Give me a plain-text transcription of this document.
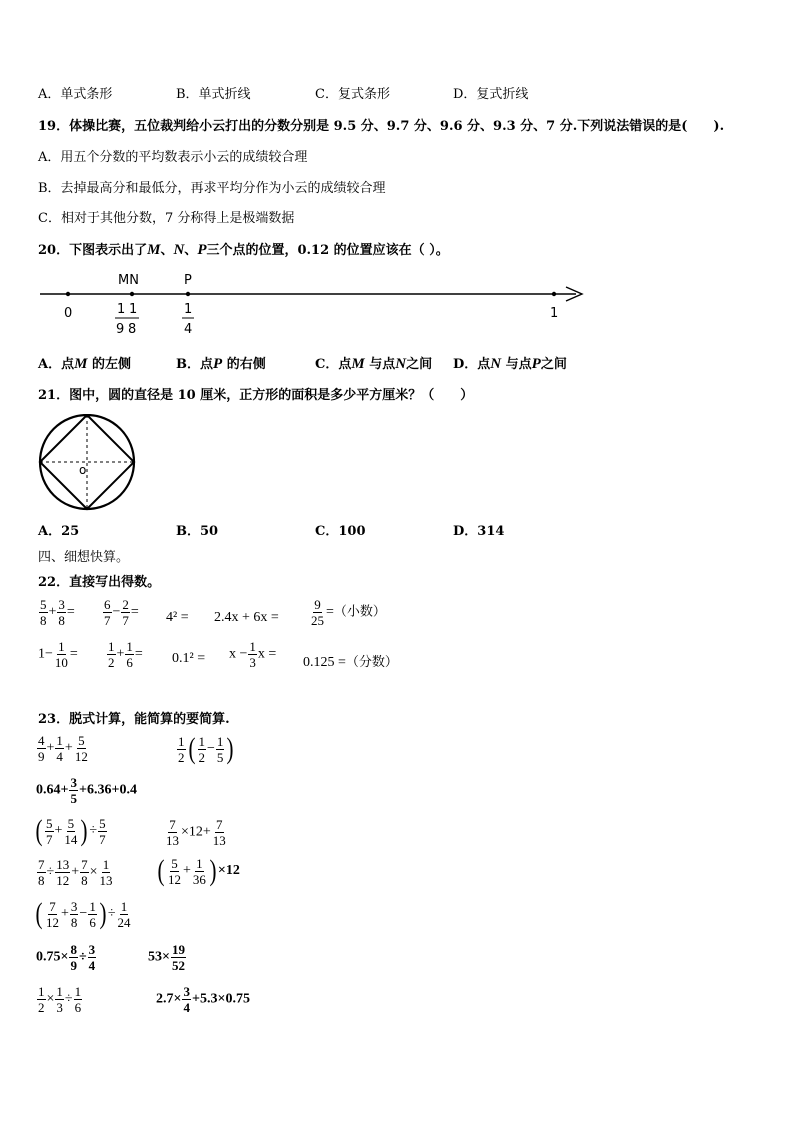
A．单式条形	B．单式折线	C．复式条形	D．复式折线
19．体操比赛，五位裁判给小云打出的分数分别是 9.5 分、9.7 分、9.6 分、9.3 分、7 分.下列说法错误的是(　　).
A．用五个分数的平均数表示小云的成绩较合理
B．去掉最高分和最低分，再求平均分作为小云的成绩较合理
C．相对于其他分数，7 分称得上是极端数据
20．下图表示出了M、N、P三个点的位置，0.12 的位置应该在（ ）。
MN	P
0	1
1 1
9 8
1
4
A．点M 的左侧	B．点P 的右侧	C．点M 与点N之间 D．点N 与点P之间
21．图中，圆的直径是 10 厘米，正方形的面积是多少平方厘米？（　　）
o
A．25	B．50	C．100	D．314
四、细想快算。
22．直接写出得数。
$\frac{5}{8} + \frac{3}{8} = \frac{6}{7} - \frac{2}{7} = 4^2 = 2.4x + 6x = \frac{9}{25}$ =（小数）
$1- \frac{1}{10} = \frac{1}{2} + \frac{1}{6} = 0.1^2 = x - \frac{1}{3}$ x =
0.125 =（分数）
23．脱式计算，能简算的要简算.
$\frac{4}{9} + \frac{1}{4} + \frac{5}{12}$	$\frac{1}{2}$ ( $\frac{1}{2} - \frac{1}{5}$ )
$0.64+ \frac{3}{5} +6.36+0.4$
( $\frac{5}{7} + \frac{5}{14}$ ) ÷ $\frac{5}{7}$	$\frac{7}{13} \times 12+ \frac{7}{13}$
$\frac{7}{8} \div \frac{13}{12} + \frac{7}{8} \times \frac{1}{13}$ ( $\frac{5}{12} + \frac{1}{36}$ ) ×12
( $\frac{7}{12} + \frac{3}{8} - \frac{1}{6}$ ) ÷ $\frac{1}{24}$
$0.75\times \frac{8}{9} \div \frac{3}{4}$	$53\times \frac{19}{52}$
$\frac{1}{2} \times \frac{1}{3} \div \frac{1}{6}$	$2.7\times \frac{3}{4} +5.3\times 0.75$
